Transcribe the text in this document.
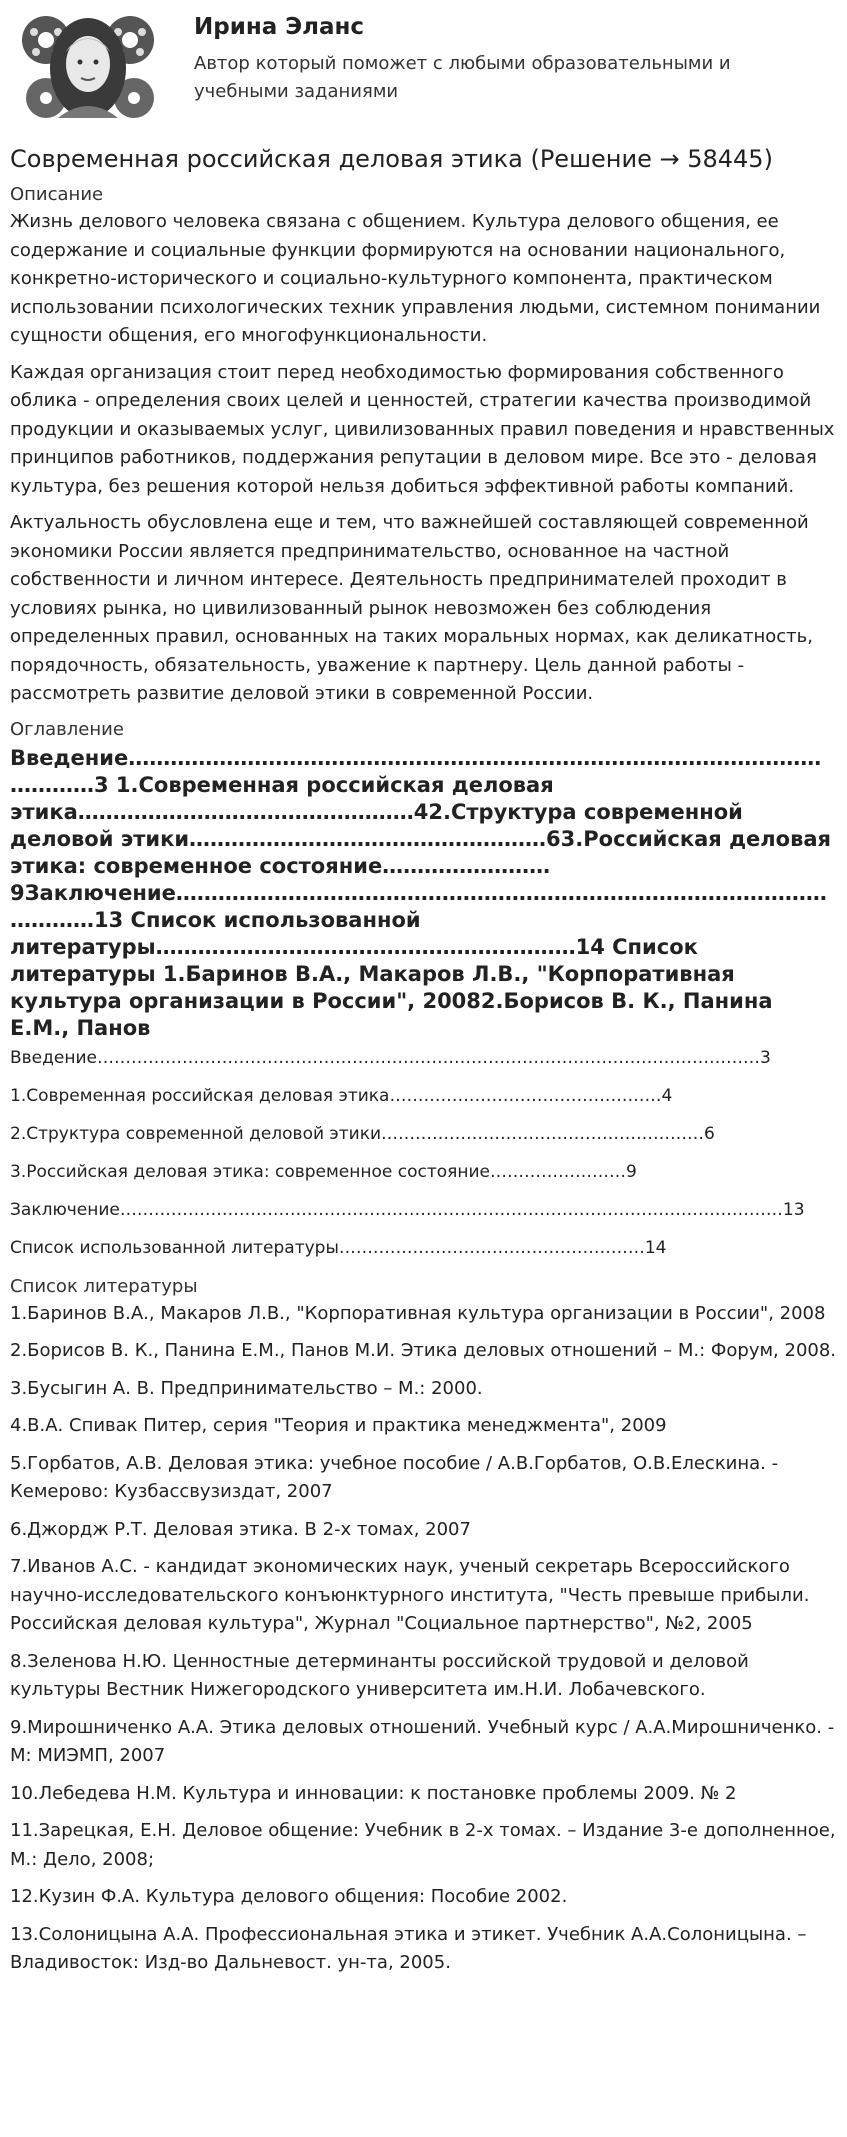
Ирина Эланс
Автор который поможет с любыми образовательными и учебными заданиями
Современная российская деловая этика (Решение → 58445)
Описание

Жизнь делового человека связана с общением. Культура делового общения, ее содержание и социальные функции формируются на основании национального, конкретно-исторического и социально-культурного компонента, практическом использовании психологических техник управления людьми, системном понимании сущности общения, его многофункциональности.

Каждая организация стоит перед необходимостью формирования собственного облика - определения своих целей и ценностей, стратегии качества производимой продукции и оказываемых услуг, цивилизованных правил поведения и нравственных принципов работников, поддержания репутации в деловом мире. Все это - деловая культура, без решения которой нельзя добиться эффективной работы компаний.

Актуальность обусловлена еще и тем, что важнейшей составляющей современной экономики России является предпринимательство, основанное на частной собственности и личном интересе. Деятельность предпринимателей проходит в условиях рынка, но цивилизованный рынок невозможен без соблюдения определенных правил, основанных на таких моральных нормах, как деликатность, порядочность, обязательность, уважение к партнеру. Цель данной работы - рассмотреть развитие деловой этики в современной России.

Оглавление
Введение…………………………………………………………………………………………………3 1.Современная российская деловая этика…………………………………………42.Структура современной деловой этики……………………………………………63.Российская деловая этика: современное состояние……………………9Заключение……………………………………………………………………………………………13 Список использованной литературы……………………………………………………14 Список литературы 1.Баринов В.А., Макаров Л.В., "Корпоративная культура организации в России", 20082.Борисов В. К., Панина Е.М., Панов
Введение………………………………………………………………………………………………………3
1.Современная российская деловая этика…………………………………………4
2.Структура современной деловой этики…………………………………………………6
3.Российская деловая этика: современное состояние……………………9
Заключение………………………………………………………………………………………………………13
Список использованной литературы………………………………………………14
Список литературы

1.Баринов В.А., Макаров Л.В., "Корпоративная культура организации в России", 2008

2.Борисов В. К., Панина Е.М., Панов М.И. Этика деловых отношений – М.: Форум, 2008.

3.Бусыгин А. В. Предпринимательство – М.: 2000.

4.В.А. Спивак Питер, серия "Теория и практика менеджмента", 2009

5.Горбатов, А.В. Деловая этика: учебное пособие / А.В.Горбатов, О.В.Елескина. - Кемерово: Кузбассвузиздат, 2007

6.Джордж Р.Т. Деловая этика. В 2-х томах, 2007

7.Иванов А.С. - кандидат экономических наук, ученый секретарь Всероссийского научно-исследовательского конъюнктурного института, "Честь превыше прибыли. Российская деловая культура", Журнал "Социальное партнерство", №2, 2005

8.Зеленова Н.Ю. Ценностные детерминанты российской трудовой и деловой культуры Вестник Нижегородского университета им.Н.И. Лобачевского.

9.Мирошниченко А.А. Этика деловых отношений. Учебный курс / А.А.Мирошниченко. - М: МИЭМП, 2007

10.Лебедева Н.М. Культура и инновации: к постановке проблемы 2009. № 2

11.Зарецкая, Е.Н. Деловое общение: Учебник в 2-х томах. – Издание 3-е дополненное, М.: Дело, 2008;

12.Кузин Ф.А. Культура делового общения: Пособие 2002.

13.Солоницына А.А. Профессиональная этика и этикет. Учебник А.А.Солоницына. – Владивосток: Изд-во Дальневост. ун-та, 2005.
